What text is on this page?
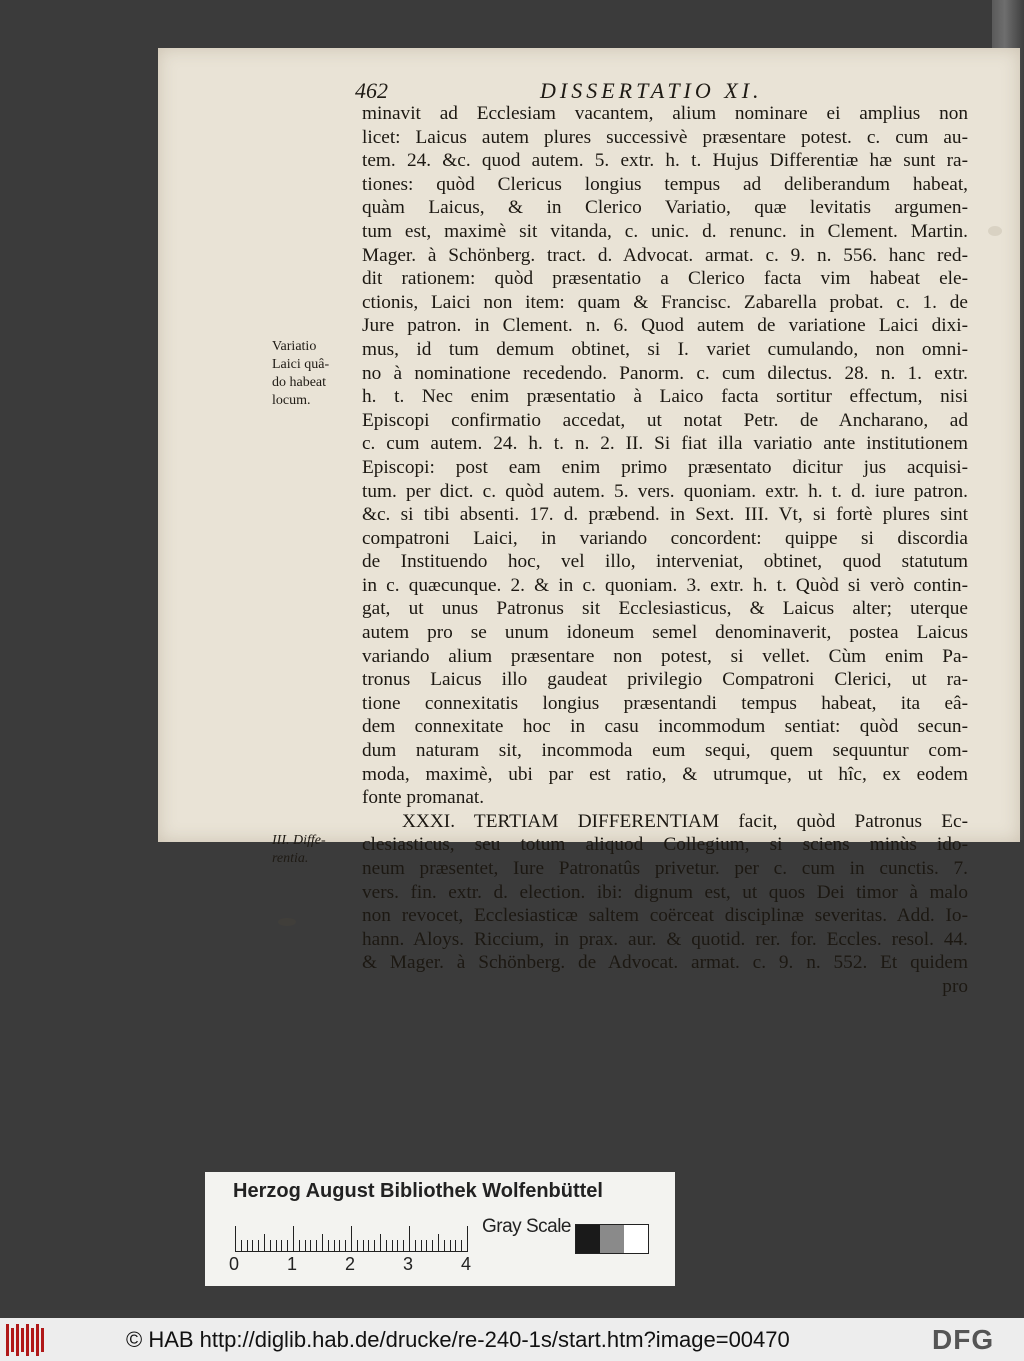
462	DISSERTATIO XI.
minavit ad Ecclesiam vacantem, alium nominare ei amplius non
licet: Laicus autem plures successivè præsentare potest. c. cum au-
tem. 24. &c. quod autem. 5. extr. h. t. Hujus Differentiæ hæ sunt ra-
tiones: quòd Clericus longius tempus ad deliberandum habeat,
quàm Laicus, & in Clerico Variatio, quæ levitatis argumen-
tum est, maximè sit vitanda, c. unic. d. renunc. in Clement. Martin.
Mager. à Schönberg. tract. d. Advocat. armat. c. 9. n. 556. hanc red-
dit rationem: quòd præsentatio a Clerico facta vim habeat ele-
ctionis, Laici non item: quam & Francisc. Zabarella probat. c. 1. de
Jure patron. in Clement. n. 6. Quod autem de variatione Laici dixi-
mus, id tum demum obtinet, si I. variet cumulando, non omni-
no à nominatione recedendo. Panorm. c. cum dilectus. 28. n. 1. extr.
h. t. Nec enim præsentatio à Laico facta sortitur effectum, nisi
Episcopi confirmatio accedat, ut notat Petr. de Ancharano, ad
c. cum autem. 24. h. t. n. 2. II. Si fiat illa variatio ante institutionem
Episcopi: post eam enim primo præsentato dicitur jus acquisi-
tum. per dict. c. quòd autem. 5. vers. quoniam. extr. h. t. d. iure patron.
&c. si tibi absenti. 17. d. præbend. in Sext. III. Vt, si fortè plures sint
compatroni Laici, in variando concordent: quippe si discordia
de Instituendo hoc, vel illo, interveniat, obtinet, quod statutum
in c. quæcunque. 2. & in c. quoniam. 3. extr. h. t. Quòd si verò contin-
gat, ut unus Patronus sit Ecclesiasticus, & Laicus alter; uterque
autem pro se unum idoneum semel denominaverit, postea Laicus
variando alium præsentare non potest, si vellet. Cùm enim Pa-
tronus Laicus illo gaudeat privilegio Compatroni Clerici, ut ra-
tione connexitatis longius præsentandi tempus habeat, ita eâ-
dem connexitate hoc in casu incommodum sentiat: quòd secun-
dum naturam sit, incommoda eum sequi, quem sequuntur com-
moda, maximè, ubi par est ratio, & utrumque, ut hîc, ex eodem
fonte promanat.
XXXI. TERTIAM DIFFERENTIAM facit, quòd Patronus Ec-
clesiasticus, seu totum aliquod Collegium, si sciens minùs ido-
neum præsentet, Iure Patronatûs privetur. per c. cum in cunctis. 7.
vers. fin. extr. d. election. ibi: dignum est, ut quos Dei timor à malo
non revocet, Ecclesiasticæ saltem coërceat disciplinæ severitas. Add. Io-
hann. Aloys. Riccium, in prax. aur. & quotid. rer. for. Eccles. resol. 44.
& Mager. à Schönberg. de Advocat. armat. c. 9. n. 552. Et quidem
pro
Variatio
Laici quâ-
do habeat
locum.
III. Diffe-
rentia.
Herzog August Bibliothek Wolfenbüttel
0	1	2	3	4
Gray Scale
© HAB http://diglib.hab.de/drucke/re-240-1s/start.htm?image=00470	DFG
